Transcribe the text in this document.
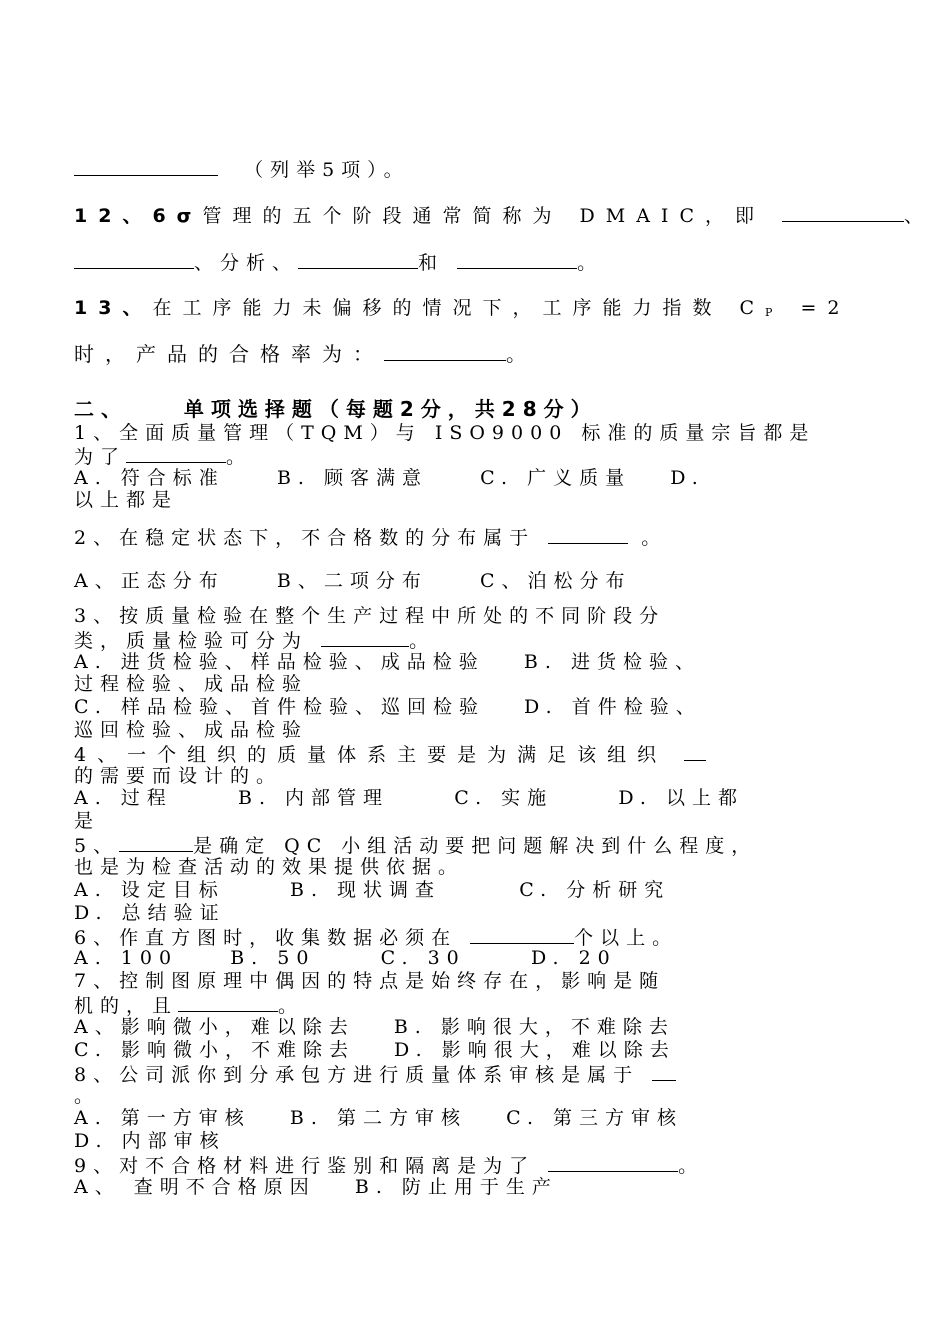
（列举5项）。
12、6σ管理的五个阶段通常简称为 DMAIC，即	、
、分析、	和	。
13、在工序能力未偏移的情况下，工序能力指数 CP =2
时，产品的合格率为：	。
二、	单项选择题（每题2分，共28分）
1、全面质量管理（TQM）与 ISO9000 标准的质量宗旨都是
为了	。
A. 符合标准    B. 顾客满意    C. 广义质量   D.
以上都是
2、在稳定状态下，不合格数的分布属于	。
A、正态分布    B、二项分布    C、泊松分布
3、按质量检验在整个生产过程中所处的不同阶段分
类，质量检验可分为	。
A. 进货检验、样品检验、成品检验   B. 进货检验、
过程检验、成品检验
C. 样品检验、首件检验、巡回检验   D. 首件检验、
巡回检验、成品检验
4、一个组织的质量体系主要是为满足该组织
的需要而设计的。
A. 过程     B. 内部管理     C. 实施     D. 以上都
是
5、	是确定 QC 小组活动要把问题解决到什么程度，
也是为检查活动的效果提供依据。
A. 设定目标     B. 现状调查      C. 分析研究
D. 总结验证
6、作直方图时，收集数据必须在	个以上。
A. 100    B. 50     C. 30     D. 20
7、控制图原理中偶因的特点是始终存在，影响是随
机的，且	。
A、影响微小，难以除去   B. 影响很大，不难除去
C. 影响微小，不难除去   D. 影响很大，难以除去
8、公司派你到分承包方进行质量体系审核是属于
。
A. 第一方审核   B. 第二方审核   C. 第三方审核
D. 内部审核
9、对不合格材料进行鉴别和隔离是为了	。
A、 查明不合格原因   B. 防止用于生产
